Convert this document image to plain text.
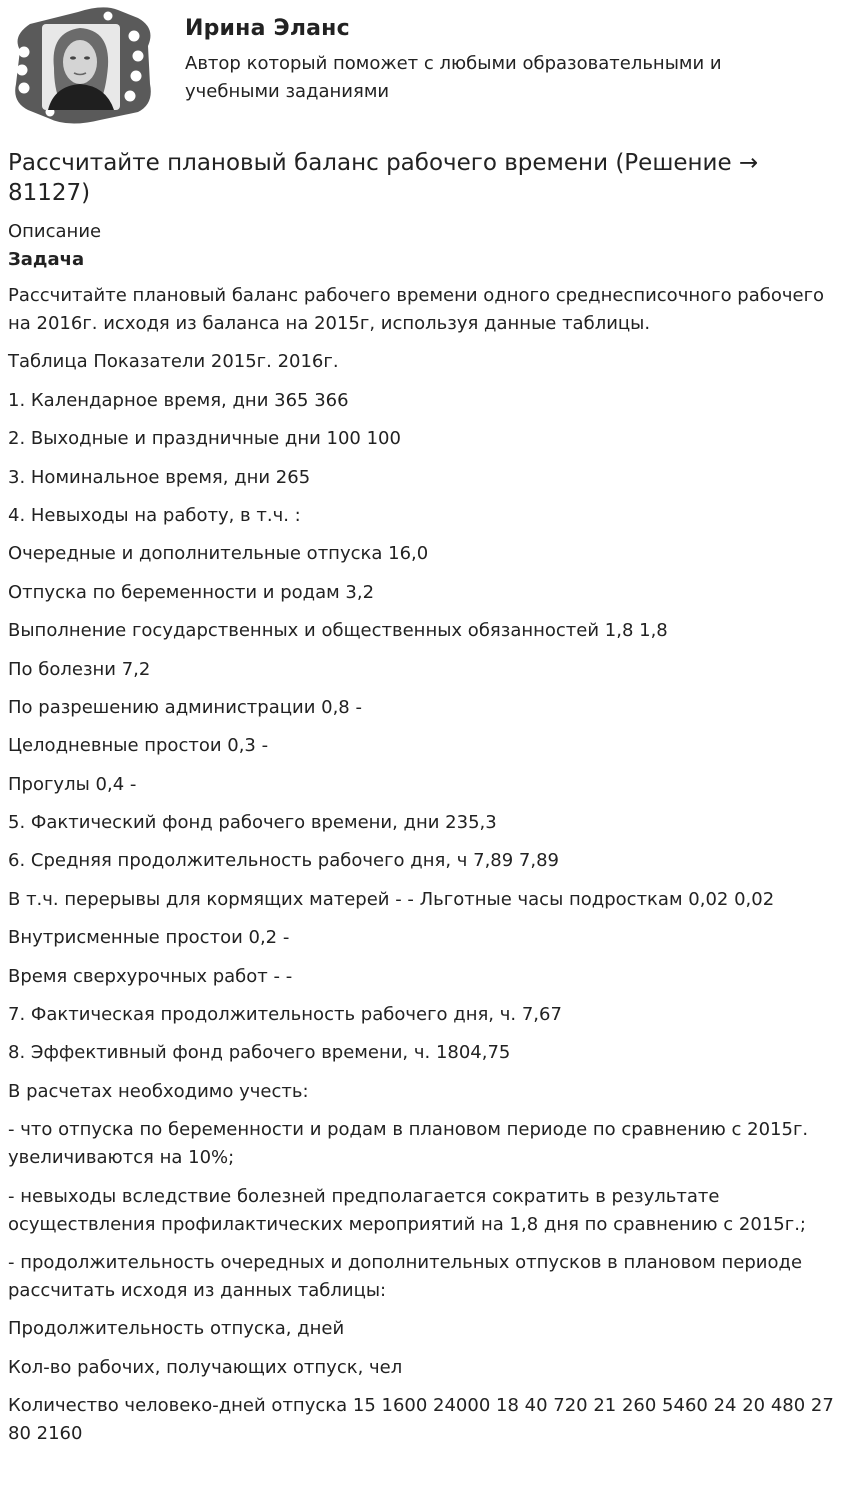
Ирина Эланс
Автор который поможет с любыми образовательными и учебными заданиями
Рассчитайте плановый баланс рабочего времени (Решение → 81127)

Описание

Задача

Рассчитайте плановый баланс рабочего времени одного среднесписочного рабочего на 2016г. исходя из баланса на 2015г, используя данные таблицы.

Таблица Показатели 2015г. 2016г.

1. Календарное время, дни 365 366

2. Выходные и праздничные дни 100 100

3. Номинальное время, дни 265

4. Невыходы на работу, в т.ч. :

Очередные и дополнительные отпуска 16,0

Отпуска по беременности и родам 3,2

Выполнение государственных и общественных обязанностей 1,8 1,8

По болезни 7,2

По разрешению администрации 0,8 -

Целодневные простои 0,3 -

Прогулы 0,4 -

5. Фактический фонд рабочего времени, дни 235,3

6. Средняя продолжительность рабочего дня, ч 7,89 7,89

В т.ч. перерывы для кормящих матерей - - Льготные часы подросткам 0,02 0,02

Внутрисменные простои 0,2 -

Время сверхурочных работ - -

7. Фактическая продолжительность рабочего дня, ч. 7,67

8. Эффективный фонд рабочего времени, ч. 1804,75

В расчетах необходимо учесть:

- что отпуска по беременности и родам в плановом периоде по сравнению с 2015г. увеличиваются на 10%;

- невыходы вследствие болезней предполагается сократить в результате осуществления профилактических мероприятий на 1,8 дня по сравнению с 2015г.;

- продолжительность очередных и дополнительных отпусков в плановом периоде рассчитать исходя из данных таблицы:

Продолжительность отпуска, дней

Кол-во рабочих, получающих отпуск, чел

Количество человеко-дней отпуска 15 1600 24000 18 40 720 21 260 5460 24 20 480 27 80 2160
